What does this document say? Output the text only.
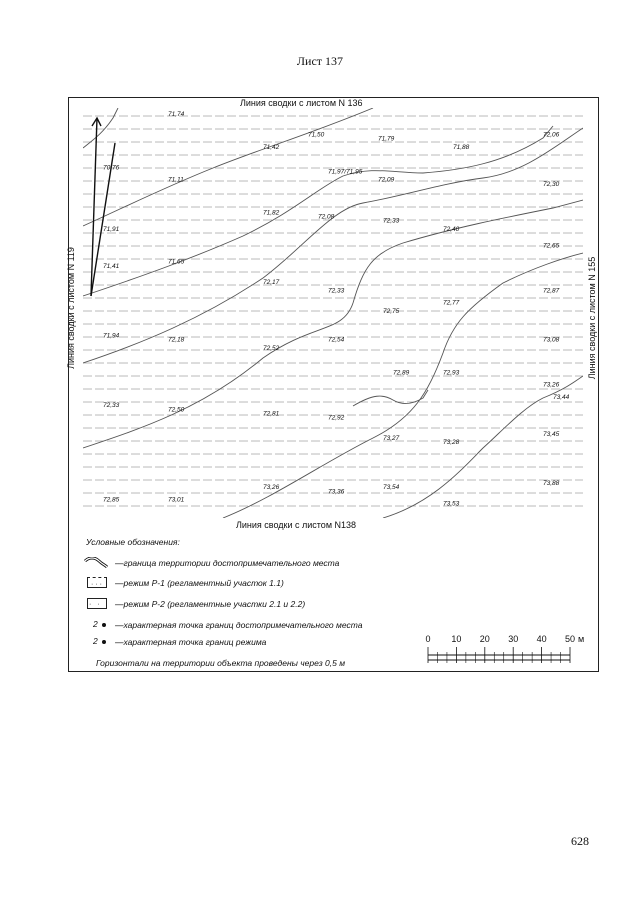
Лист 137
71,74
71,50
71,79
72,06
71,42	71,88
70,76
71,97/71,95
72,09
71,11
72,30
71,82
72,08
72,33
71,91	72,40
72,65
71,41
71,65
72,17
72,33	72,87
72,77
72,75
71,94
72,18	72,54
72,52
73,08
72,89	72,93
73,26
73,44
72,33
72,50
72,81
72,92
73,27
73,28
73,45
73,26
73,36
73,54
73,88
72,85	73,01
73,53
Линия сводки с листом N 136
Линия сводки с листом N138
Линия сводки с листом N 119	Линия сводки с листом N 155
Условные обозначения:
—граница территории достопримечательного места
··· —режим Р-1 (регламентный участок 1.1)
· · —режим Р-2 (регламентные участки 2.1 и 2.2)
2 —характерная точка границ достопримечательного места
2 —характерная точка границ режима
Горизонтали на территории объекта проведены через 0,5 м
0 10 20 30 40 50 м
628
